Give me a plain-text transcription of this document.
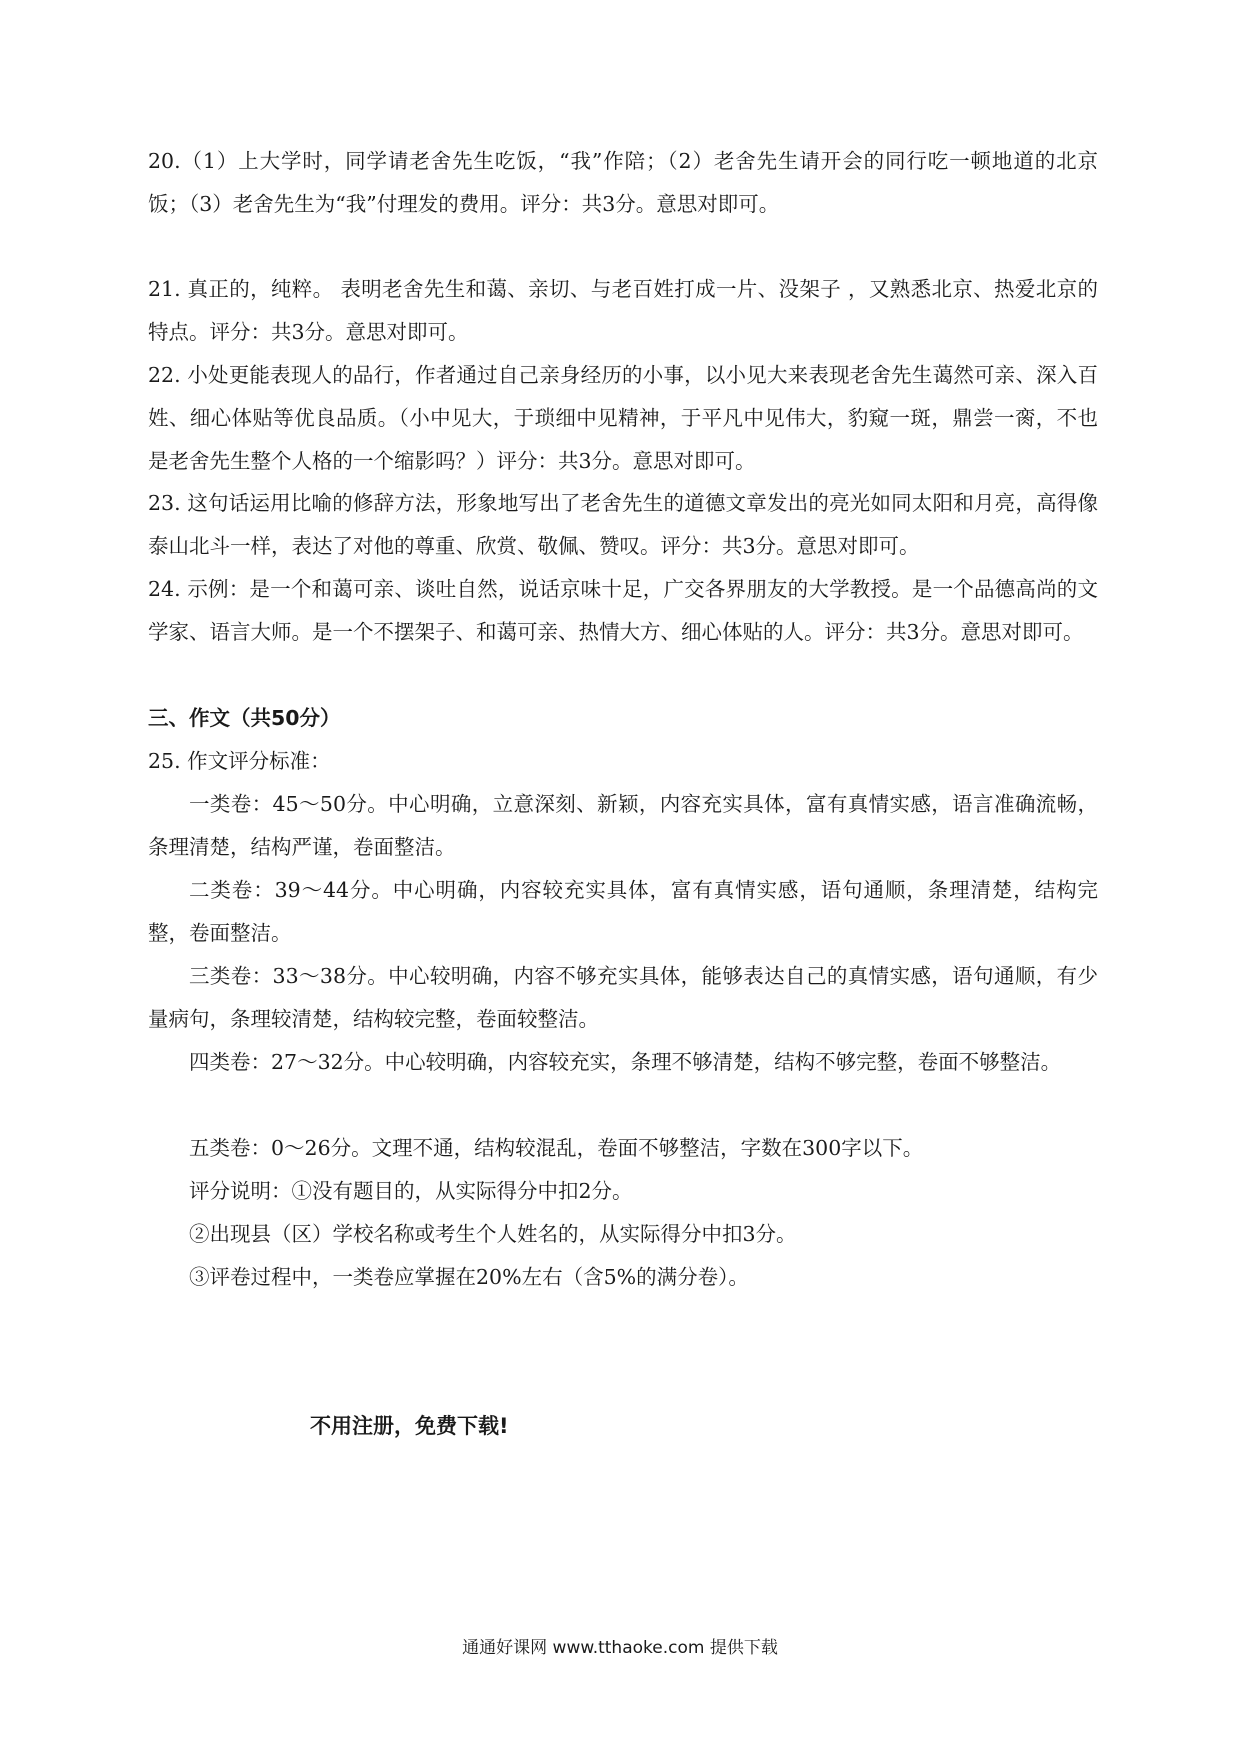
20.（1）上大学时，同学请老舍先生吃饭，“我”作陪；（2）老舍先生请开会的同行吃一顿地道的北京饭；（3）老舍先生为“我”付理发的费用。评分：共3分。意思对即可。

21. 真正的，纯粹。 表明老舍先生和蔼、亲切、与老百姓打成一片、没架子 ，又熟悉北京、热爱北京的特点。评分：共3分。意思对即可。

22. 小处更能表现人的品行，作者通过自己亲身经历的小事，以小见大来表现老舍先生蔼然可亲、深入百姓、细心体贴等优良品质。（小中见大，于琐细中见精神，于平凡中见伟大，豹窥一斑，鼎尝一脔，不也是老舍先生整个人格的一个缩影吗？）评分：共3分。意思对即可。

23. 这句话运用比喻的修辞方法，形象地写出了老舍先生的道德文章发出的亮光如同太阳和月亮，高得像泰山北斗一样，表达了对他的尊重、欣赏、敬佩、赞叹。评分：共3分。意思对即可。

24. 示例：是一个和蔼可亲、谈吐自然，说话京味十足，广交各界朋友的大学教授。是一个品德高尚的文学家、语言大师。是一个不摆架子、和蔼可亲、热情大方、细心体贴的人。评分：共3分。意思对即可。

三、作文（共50分）

25. 作文评分标准：

一类卷：45～50分。中心明确，立意深刻、新颖，内容充实具体，富有真情实感，语言准确流畅，条理清楚，结构严谨，卷面整洁。

二类卷：39～44分。中心明确，内容较充实具体，富有真情实感，语句通顺，条理清楚，结构完整，卷面整洁。

三类卷：33～38分。中心较明确，内容不够充实具体，能够表达自己的真情实感，语句通顺，有少量病句，条理较清楚，结构较完整，卷面较整洁。

四类卷：27～32分。中心较明确，内容较充实，条理不够清楚，结构不够完整，卷面不够整洁。

五类卷：0～26分。文理不通，结构较混乱，卷面不够整洁，字数在300字以下。

评分说明：①没有题目的，从实际得分中扣2分。

②出现县（区）学校名称或考生个人姓名的，从实际得分中扣3分。

③评卷过程中，一类卷应掌握在20%左右（含5%的满分卷）。

不用注册，免费下载!

通通好课网 www.tthaoke.com 提供下载
